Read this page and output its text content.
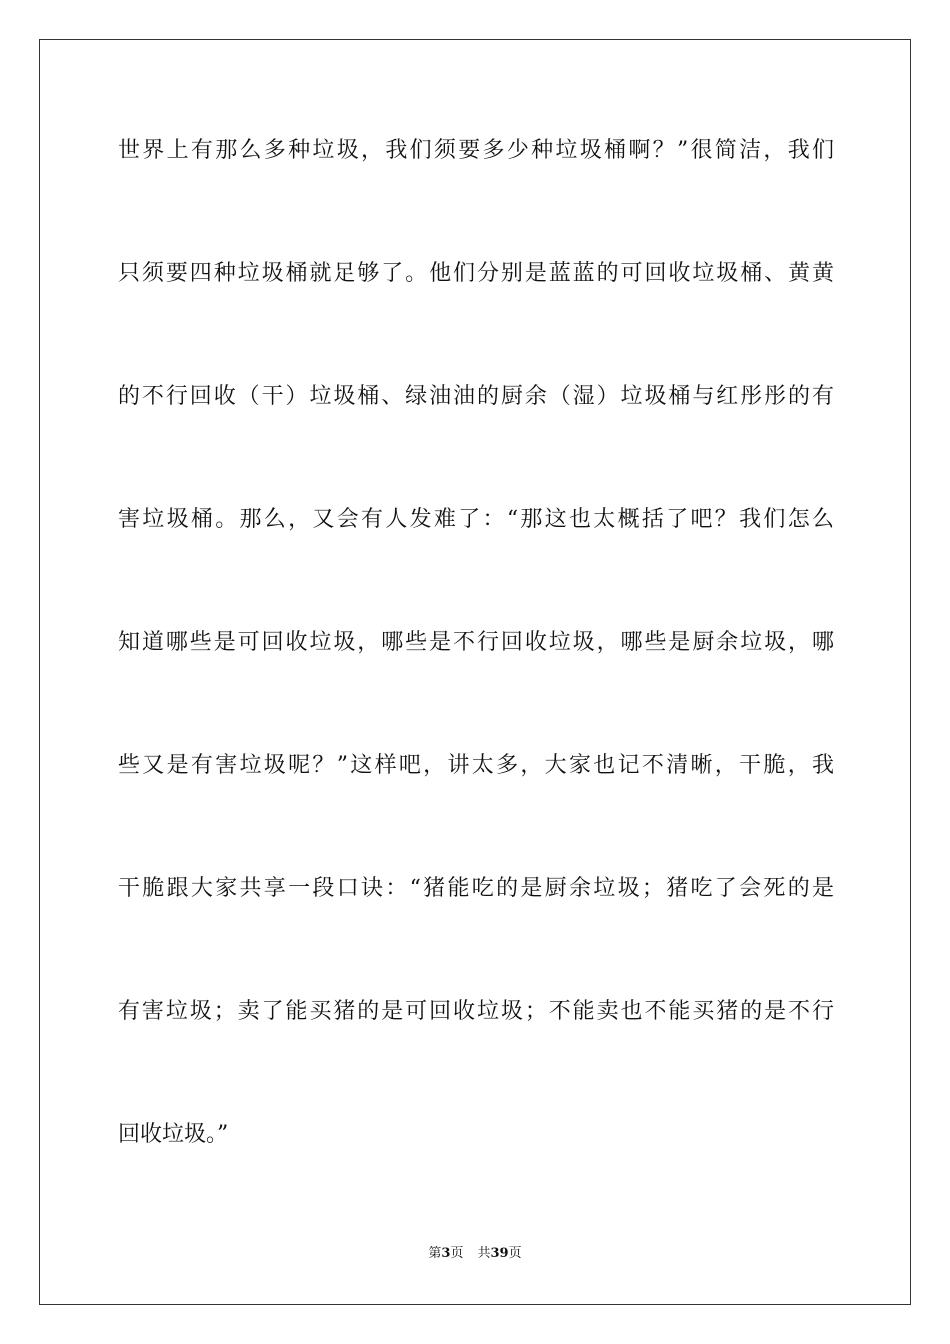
世界上有那么多种垃圾，我们须要多少种垃圾桶啊？”很简洁，我们
只须要四种垃圾桶就足够了。他们分别是蓝蓝的可回收垃圾桶、黄黄
的不行回收（干）垃圾桶、绿油油的厨余（湿）垃圾桶与红彤彤的有
害垃圾桶。那么，又会有人发难了：“那这也太概括了吧？我们怎么
知道哪些是可回收垃圾，哪些是不行回收垃圾，哪些是厨余垃圾，哪
些又是有害垃圾呢？”这样吧，讲太多，大家也记不清晰，干脆，我
干脆跟大家共享一段口诀：“猪能吃的是厨余垃圾；猪吃了会死的是
有害垃圾；卖了能买猪的是可回收垃圾；不能卖也不能买猪的是不行
回收垃圾。”
第3页 共39页
